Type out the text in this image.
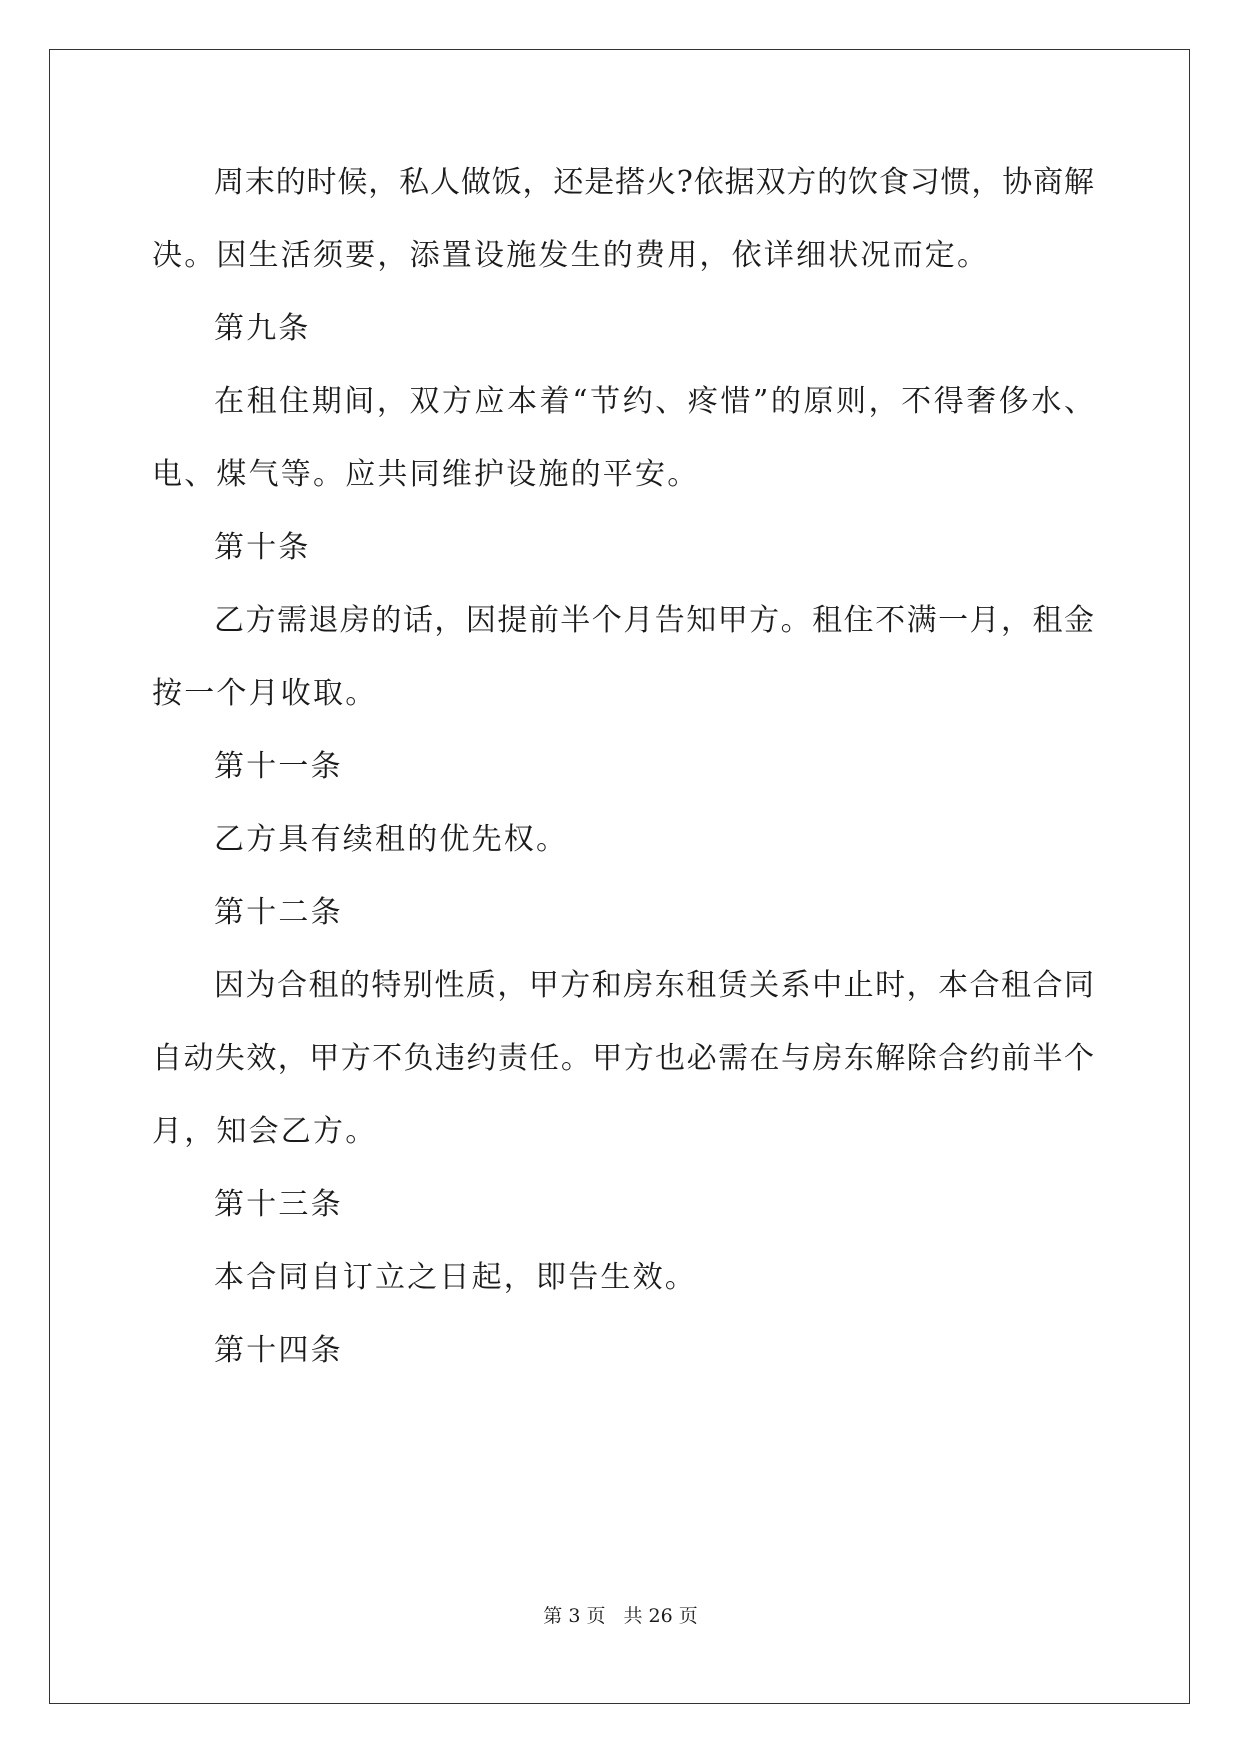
周末的时候，私人做饭，还是搭火?依据双方的饮食习惯，协商解
决。因生活须要，添置设施发生的费用，依详细状况而定。
第九条
在租住期间，双方应本着“节约、疼惜”的原则，不得奢侈水、
电、煤气等。应共同维护设施的平安。
第十条
乙方需退房的话，因提前半个月告知甲方。租住不满一月，租金
按一个月收取。
第十一条
乙方具有续租的优先权。
第十二条
因为合租的特别性质，甲方和房东租赁关系中止时，本合租合同
自动失效，甲方不负违约责任。甲方也必需在与房东解除合约前半个
月，知会乙方。
第十三条
本合同自订立之日起，即告生效。
第十四条
第 3 页 共 26 页
